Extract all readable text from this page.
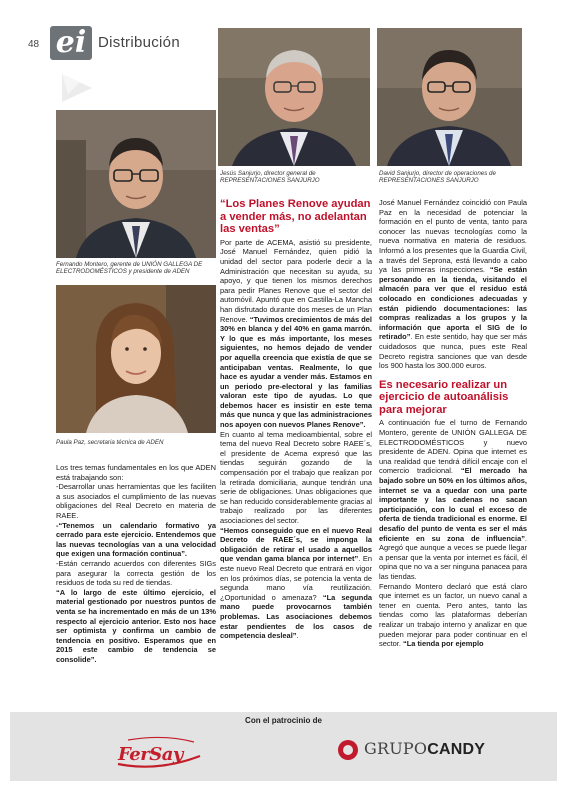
48 ei Distribución
Fernando Montero, gerente de UNIÓN GALLEGA DE ELECTRODOMÉSTICOS y presidente de ADEN
Paula Paz, secretaria técnica de ADEN
Jesús Sanjurjo, director general de REPRESENTACIONES SANJURJO
David Sanjurjo, director de operaciones de REPRESENTACIONES SANJURJO

Los tres temas fundamentales en los que ADEN está trabajando son:

-Desarrollar unas herramientas que les faciliten a sus asociados el cumplimiento de las nuevas obligaciones del Real Decreto en materia de RAEE.

-“Tenemos un calendario formativo ya cerrado para este ejercicio. Entendemos que las nuevas tecnologías van a una velocidad que exigen una formación continua”.

-Están cerrando acuerdos con diferentes SIGs para asegurar la correcta gestión de los residuos de toda su red de tiendas.

“A lo largo de este último ejercicio, el material gestionado por nuestros puntos de venta se ha incrementado en más de un 13% respecto al ejercicio anterior. Esto nos hace ser optimista y confirma un cambio de tendencia en positivo. Esperamos que en 2015 este cambio de tendencia se consolide”.

“Los Planes Renove ayudan a vender más, no adelantan las ventas”

Por parte de ACEMA, asistió su presidente, José Manuel Fernández, quien pidió la unidad del sector para poderle decir a la Administración que necesitan su ayuda, su apoyo, y que tienen los mismos derechos para pedir Planes Renove que el sector del automóvil. Apuntó que en Castilla-La Mancha han disfrutado durante dos meses de un Plan Renove. “Tuvimos crecimientos de más del 30% en blanca y del 40% en gama marrón. Y lo que es más importante, los meses siguientes, no hemos dejado de vender por aquella creencia que existía de que se anticipaban ventas. Realmente, lo que hace es ayudar a vender más. Estamos en un periodo pre-electoral y las familias valoran este tipo de ayudas. Lo que debemos hacer es insistir en este tema más que nunca y que las administraciones nos apoyen con nuevos Planes Renove”.

En cuanto al tema medioambiental, sobre el tema del nuevo Real Decreto sobre RAEE´s, el presidente de Acema expresó que las tiendas seguirán gozando de la compensación por el trabajo que realizan por la retirada domiciliaria, aunque tendrán una serie de obligaciones. Unas obligaciones que se han reducido considerablemente gracias al trabajo realizado por las diferentes asociaciones del sector.

“Hemos conseguido que en el nuevo Real Decreto de RAEE´s, se imponga la obligación de retirar el usado a aquellos que vendan gama blanca por internet”. En este nuevo Real Decreto que entrará en vigor en los próximos días, se potencia la venta de segunda mano vía reutilización. ¿Oportunidad o amenaza? “La segunda mano puede provocarnos también problemas. Las asociaciones debemos estar pendientes de los casos de competencia desleal”.

José Manuel Fernández coincidió con Paula Paz en la necesidad de potenciar la formación en el punto de venta, tanto para conocer las nuevas tecnologías como la nueva normativa en materia de residuos. Informó a los presentes que la Guardia Civil, a través del Seprona, está llevando a cabo ya las primeras inspecciones. “Se están personando en la tienda, visitando el almacén para ver que el residuo está colocado en condiciones adecuadas y están pidiendo documentaciones: las compras realizadas a los grupos y la información que aporta el SIG de lo retirado”. En este sentido, hay que ser más cuidadosos que nunca, pues este Real Decreto registra sanciones que van desde los 900 hasta los 300.000 euros.

Es necesario realizar un ejercicio de autoanálisis para mejorar

A continuación fue el turno de Fernando Montero, gerente de UNIÓN GALLEGA DE ELECTRODOMÉSTICOS y nuevo presidente de ADEN. Opina que internet es una realidad que tendrá difícil encaje con el comercio tradicional. “El mercado ha bajado sobre un 50% en los últimos años, internet se va a quedar con una parte importante y las cadenas no sacan participación, con lo cual el exceso de oferta de tienda tradicional es enorme. El desafío del punto de venta es ser el más eficiente en su zona de influencia”. Agregó que aunque a veces se puede llegar a pensar que la venta por internet es fácil, él opina que no va a ser ninguna panacea para las tiendas.

Fernando Montero declaró que está claro que internet es un factor, un nuevo canal a tener en cuenta. Pero antes, tanto las tiendas como las plataformas deberían realizar un trabajo interno y analizar en que pueden mejorar para poder continuar en el sector. “La tienda por ejemplo

Con el patrocinio de
FerSay	GRUPOCANDY
